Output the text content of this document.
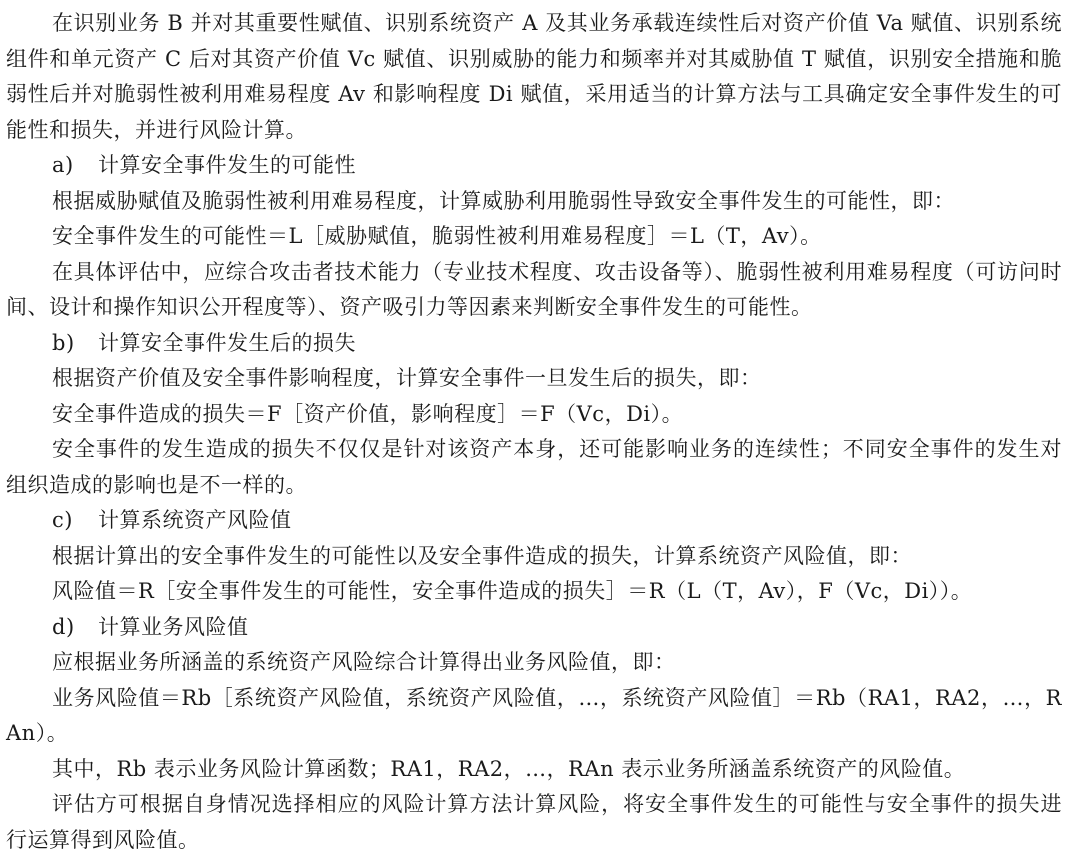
在识别业务 B 并对其重要性赋值、识别系统资产 A 及其业务承载连续性后对资产价值 Va 赋值、识别系统组件和单元资产 C 后对其资产价值 Vc 赋值、识别威胁的能力和频率并对其威胁值 T 赋值，识别安全措施和脆弱性后并对脆弱性被利用难易程度 Av 和影响程度 Di 赋值，采用适当的计算方法与工具确定安全事件发生的可能性和损失，并进行风险计算。

a) 计算安全事件发生的可能性

根据威胁赋值及脆弱性被利用难易程度，计算威胁利用脆弱性导致安全事件发生的可能性，即：

安全事件发生的可能性＝L［威胁赋值，脆弱性被利用难易程度］＝L（T，Av）。

在具体评估中，应综合攻击者技术能力（专业技术程度、攻击设备等）、脆弱性被利用难易程度（可访问时间、设计和操作知识公开程度等）、资产吸引力等因素来判断安全事件发生的可能性。

b) 计算安全事件发生后的损失

根据资产价值及安全事件影响程度，计算安全事件一旦发生后的损失，即：

安全事件造成的损失＝F［资产价值，影响程度］＝F（Vc，Di）。

安全事件的发生造成的损失不仅仅是针对该资产本身，还可能影响业务的连续性；不同安全事件的发生对组织造成的影响也是不一样的。

c) 计算系统资产风险值

根据计算出的安全事件发生的可能性以及安全事件造成的损失，计算系统资产风险值，即：

风险值＝R［安全事件发生的可能性，安全事件造成的损失］＝R（L（T，Av），F（Vc，Di））。
d) 计算业务风险值

应根据业务所涵盖的系统资产风险综合计算得出业务风险值，即：

业务风险值＝Rb［系统资产风险值，系统资产风险值，…，系统资产风险值］＝Rb（RA1，RA2，…，RAn）。

其中，Rb 表示业务风险计算函数；RA1，RA2，…，RAn 表示业务所涵盖系统资产的风险值。

评估方可根据自身情况选择相应的风险计算方法计算风险，将安全事件发生的可能性与安全事件的损失进行运算得到风险值。
